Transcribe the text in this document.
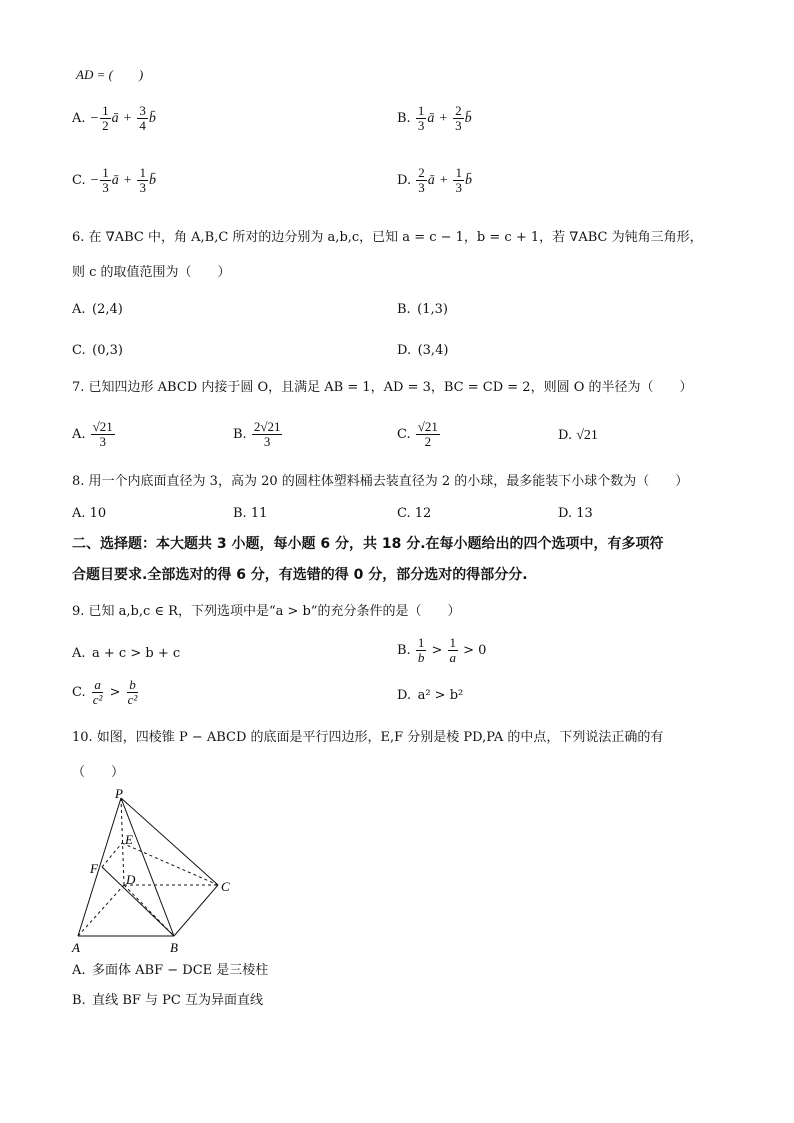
AD = (　　)
A. − $\frac{1}{2}$ ā + $\frac{3}{4}$ b̄	B. $\frac{1}{3}$ ā + $\frac{2}{3}$ b̄
C. − $\frac{1}{3}$ ā + $\frac{1}{3}$ b̄	D. $\frac{2}{3}$ ā + $\frac{1}{3}$ b̄
6. 在 ∇ABC 中，角 A,B,C 所对的边分别为 a,b,c，已知 a = c − 1，b = c + 1，若 ∇ABC 为钝角三角形，
则 c 的取值范围为（　　）
A. (2,4)	B. (1,3)
C. (0,3)	D. (3,4)
7. 已知四边形 ABCD 内接于圆 O，且满足 AB = 1，AD = 3，BC = CD = 2，则圆 O 的半径为（　　）
A. $\frac{√21}{3}$	B. $\frac{2√21}{3}$	C. $\frac{√21}{2}$	D. √21
8. 用一个内底面直径为 3，高为 20 的圆柱体塑料桶去装直径为 2 的小球，最多能装下小球个数为（　　）
A. 10	B. 11	C. 12	D. 13
二、选择题：本大题共 3 小题，每小题 6 分，共 18 分.在每小题给出的四个选项中，有多项符
合题目要求.全部选对的得 6 分，有选错的得 0 分，部分选对的得部分分.
9. 已知 a,b,c ∈ R，下列选项中是“a > b”的充分条件的是（　　）
A. a + c > b + c	B. $\frac{1}{b} > \frac{1}{a} > 0$
C. $\frac{a}{\text{c²}} > \frac{b}{\text{c²}}$	D. a² > b²
10. 如图，四棱锥 P − ABCD 的底面是平行四边形，E,F 分别是棱 PD,PA 的中点，下列说法正确的有
（　　）
P
E
F
D	C
A	B
A. 多面体 ABF − DCE 是三棱柱
B. 直线 BF 与 PC 互为异面直线
